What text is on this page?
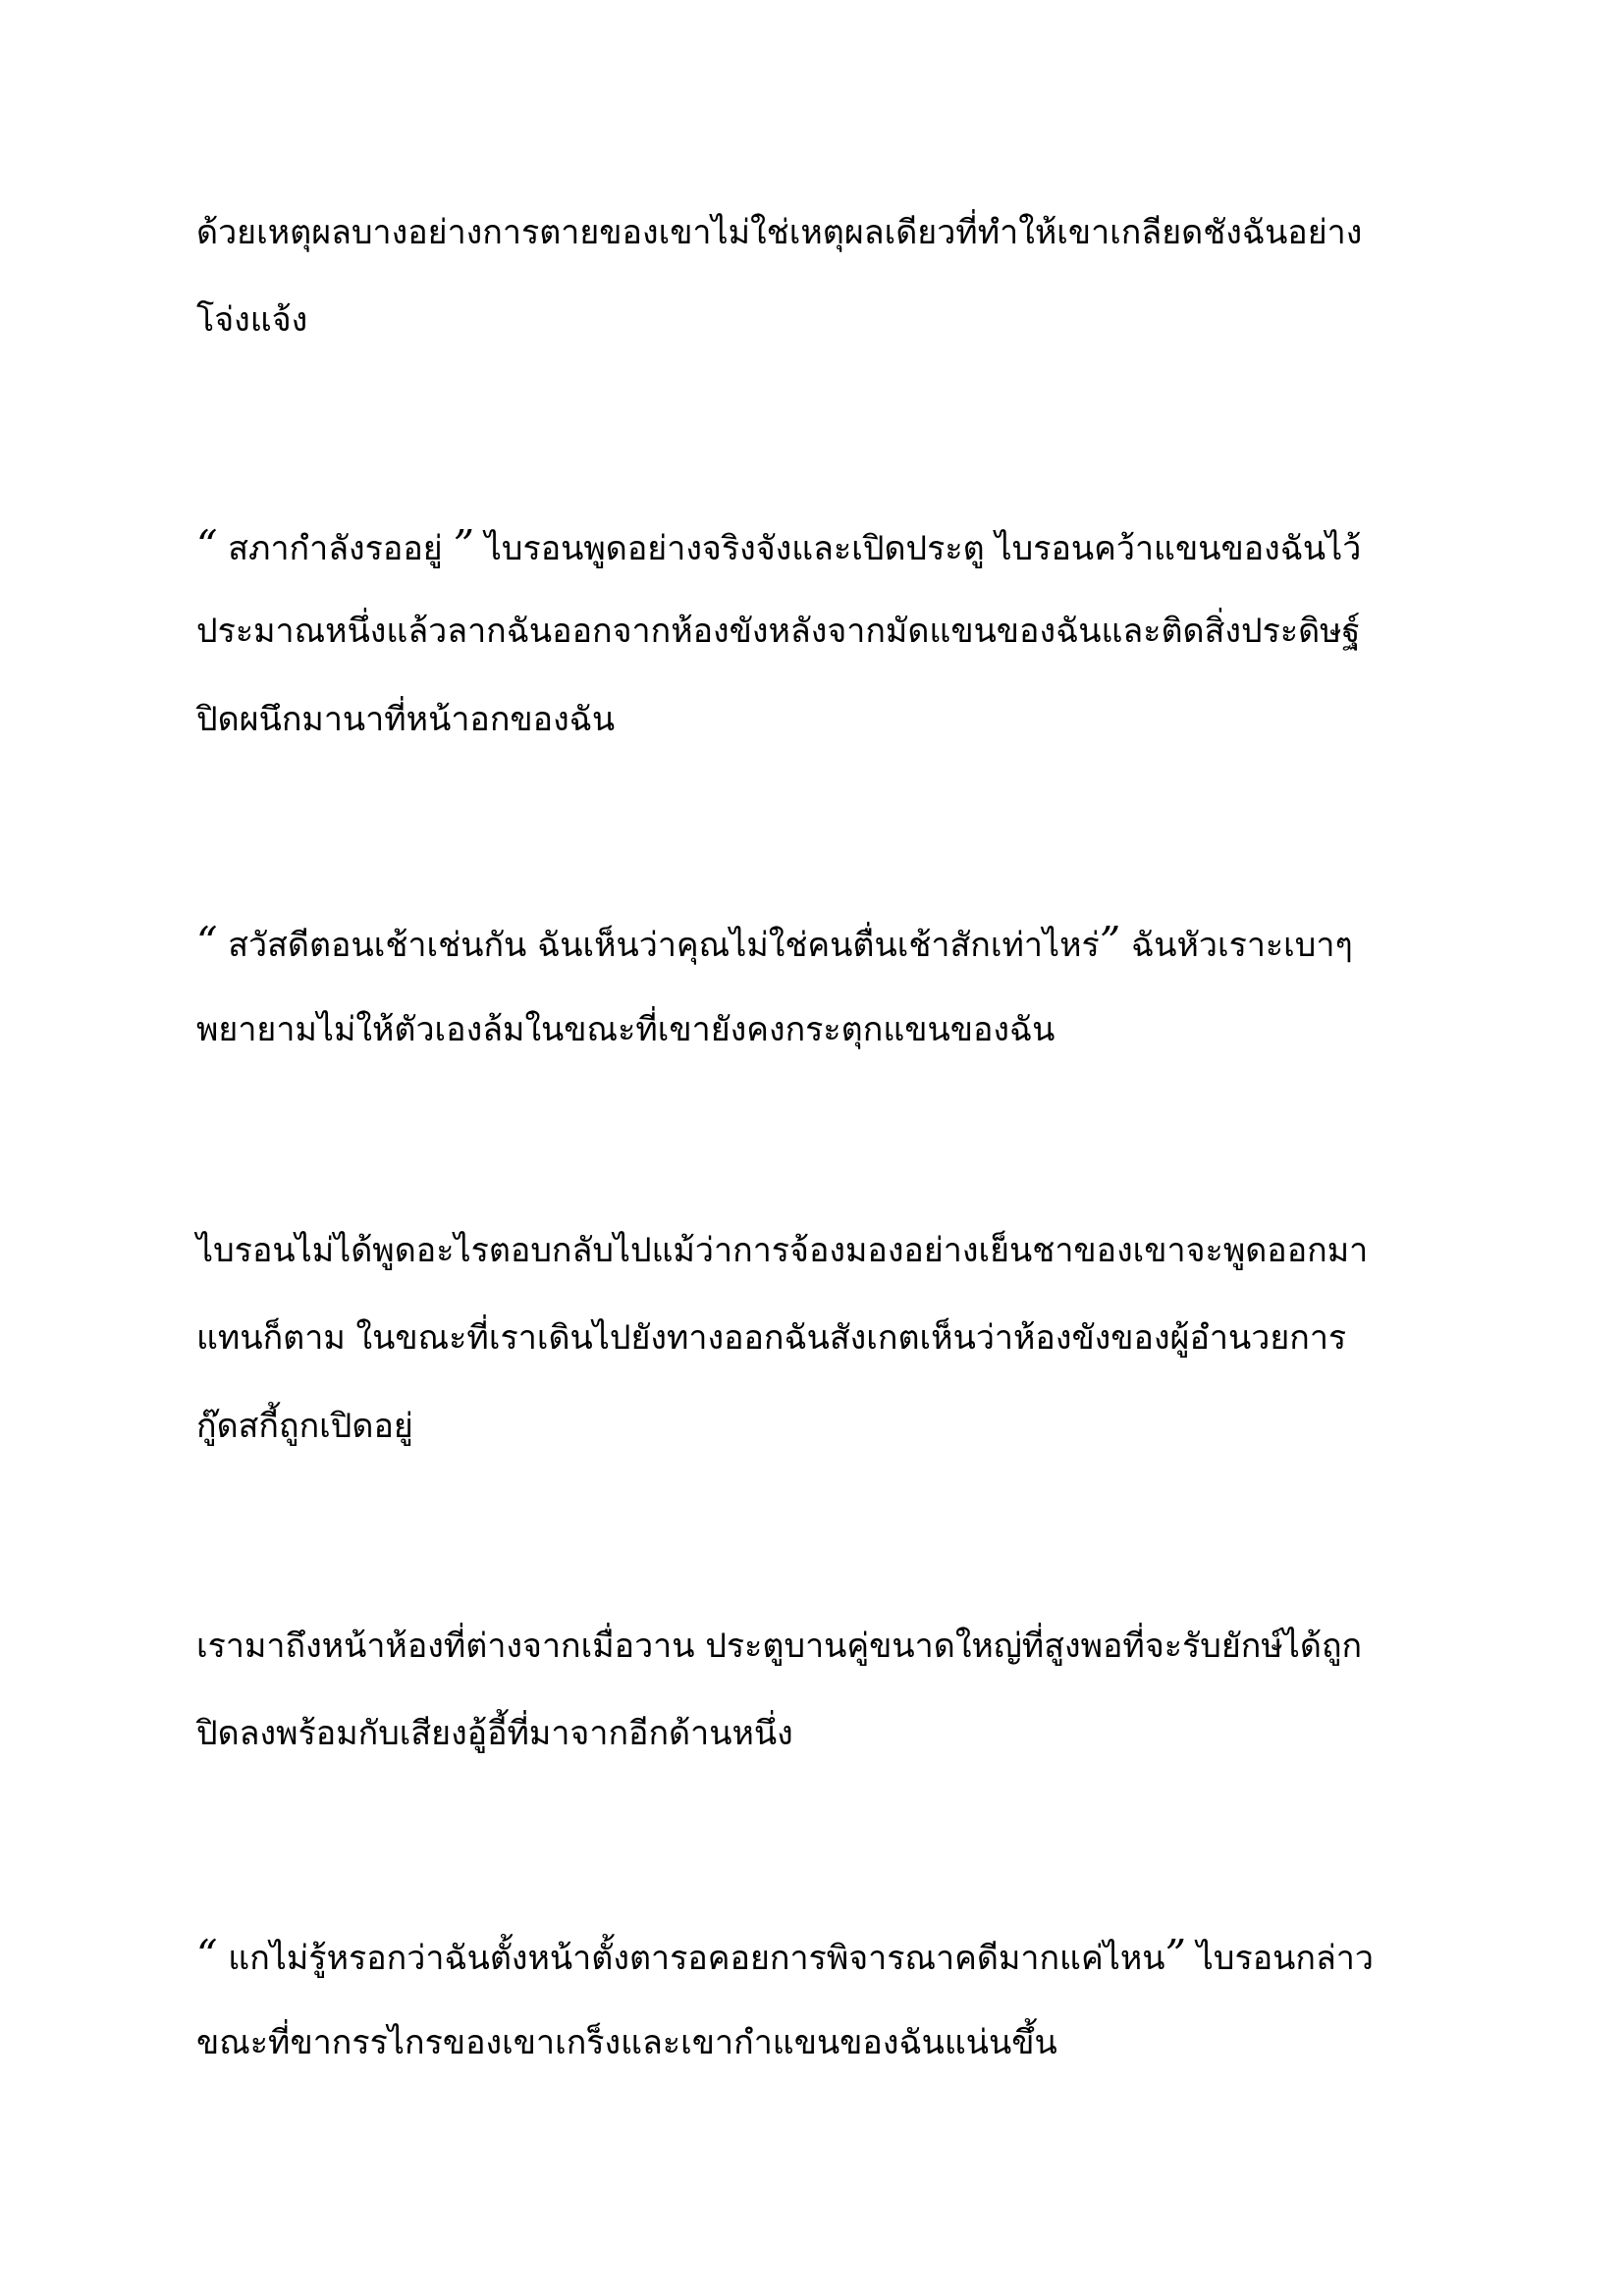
ด้วยเหตุผลบางอย่างการตายของเขาไม่ใช่เหตุผลเดียวที่ทำให้เขาเกลียดชังฉันอย่าง
โจ่งแจ้ง
“ สภากำลังรออยู่ ” ไบรอนพูดอย่างจริงจังและเปิดประตู ไบรอนคว้าแขนของฉันไว้
ประมาณหนึ่งแล้วลากฉันออกจากห้องขังหลังจากมัดแขนของฉันและติดสิ่งประดิษฐ์
ปิดผนึกมานาที่หน้าอกของฉัน
“ สวัสดีตอนเช้าเช่นกัน ฉันเห็นว่าคุณไม่ใช่คนตื่นเช้าสักเท่าไหร่” ฉันหัวเราะเบาๆ
พยายามไม่ให้ตัวเองล้มในขณะที่เขายังคงกระตุกแขนของฉัน
ไบรอนไม่ได้พูดอะไรตอบกลับไปแม้ว่าการจ้องมองอย่างเย็นชาของเขาจะพูดออกมา
แทนก็ตาม ในขณะที่เราเดินไปยังทางออกฉันสังเกตเห็นว่าห้องขังของผู้อำนวยการ
กู๊ดสกี้ถูกเปิดอยู่
เรามาถึงหน้าห้องที่ต่างจากเมื่อวาน ประตูบานคู่ขนาดใหญ่ที่สูงพอที่จะรับยักษ์ได้ถูก
ปิดลงพร้อมกับเสียงอู้อี้ที่มาจากอีกด้านหนึ่ง
“ แกไม่รู้หรอกว่าฉันตั้งหน้าตั้งตารอคอยการพิจารณาคดีมากแค่ไหน” ไบรอนกล่าว
ขณะที่ขากรรไกรของเขาเกร็งและเขากำแขนของฉันแน่นขึ้น
